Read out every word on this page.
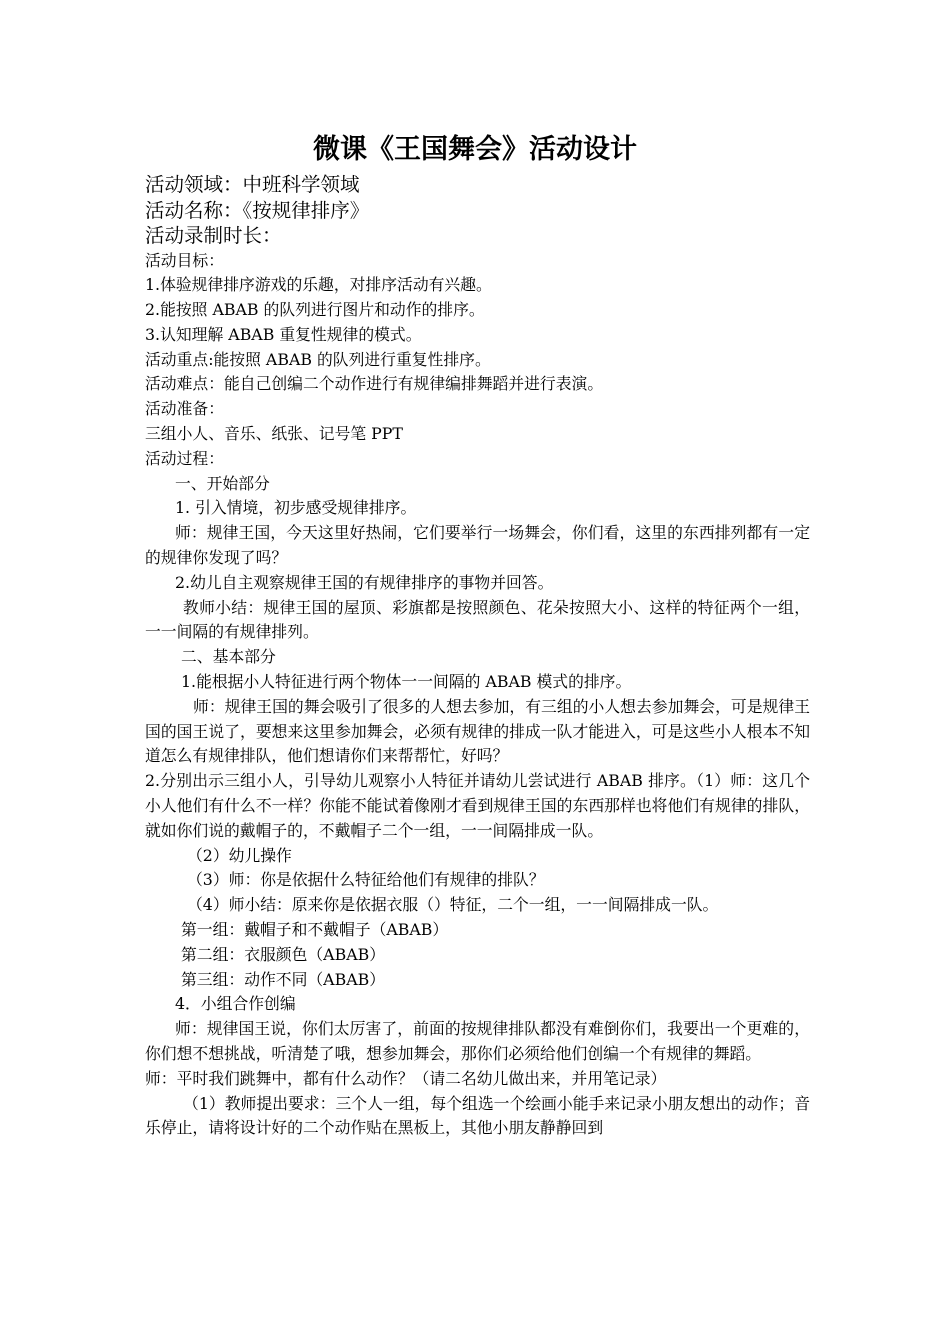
微课《王国舞会》活动设计
活动领域：中班科学领域
活动名称：《按规律排序》
活动录制时长：
活动目标：
1.体验规律排序游戏的乐趣，对排序活动有兴趣。
2.能按照 ABAB 的队列进行图片和动作的排序。
3.认知理解 ABAB 重复性规律的模式。
活动重点:能按照 ABAB 的队列进行重复性排序。
活动难点：能自己创编二个动作进行有规律编排舞蹈并进行表演。
活动准备：
三组小人、音乐、纸张、记号笔 PPT
活动过程：
一、开始部分
1. 引入情境，初步感受规律排序。
师：规律王国，今天这里好热闹，它们要举行一场舞会，你们看，这里的东西排列都有一定的规律你发现了吗？
2.幼儿自主观察规律王国的有规律排序的事物并回答。
教师小结：规律王国的屋顶、彩旗都是按照颜色、花朵按照大小、这样的特征两个一组，一一间隔的有规律排列。
二、基本部分
1.能根据小人特征进行两个物体一一间隔的 ABAB 模式的排序。
师：规律王国的舞会吸引了很多的人想去参加，有三组的小人想去参加舞会，可是规律王国的国王说了，要想来这里参加舞会，必须有规律的排成一队才能进入，可是这些小人根本不知道怎么有规律排队，他们想请你们来帮帮忙，好吗？
2.分别出示三组小人，引导幼儿观察小人特征并请幼儿尝试进行 ABAB 排序。（1）师：这几个小人他们有什么不一样？你能不能试着像刚才看到规律王国的东西那样也将他们有规律的排队，就如你们说的戴帽子的，不戴帽子二个一组，一一间隔排成一队。
（2）幼儿操作
（3）师：你是依据什么特征给他们有规律的排队？
（4）师小结：原来你是依据衣服（）特征，二个一组，一一间隔排成一队。
第一组：戴帽子和不戴帽子（ABAB）
第二组：衣服颜色（ABAB）
第三组：动作不同（ABAB）
4．小组合作创编
师：规律国王说，你们太厉害了，前面的按规律排队都没有难倒你们，我要出一个更难的，你们想不想挑战，听清楚了哦，想参加舞会，那你们必须给他们创编一个有规律的舞蹈。
师：平时我们跳舞中，都有什么动作？（请二名幼儿做出来，并用笔记录）
（1）教师提出要求：三个人一组，每个组选一个绘画小能手来记录小朋友想出的动作；音乐停止，请将设计好的二个动作贴在黑板上，其他小朋友静静回到
